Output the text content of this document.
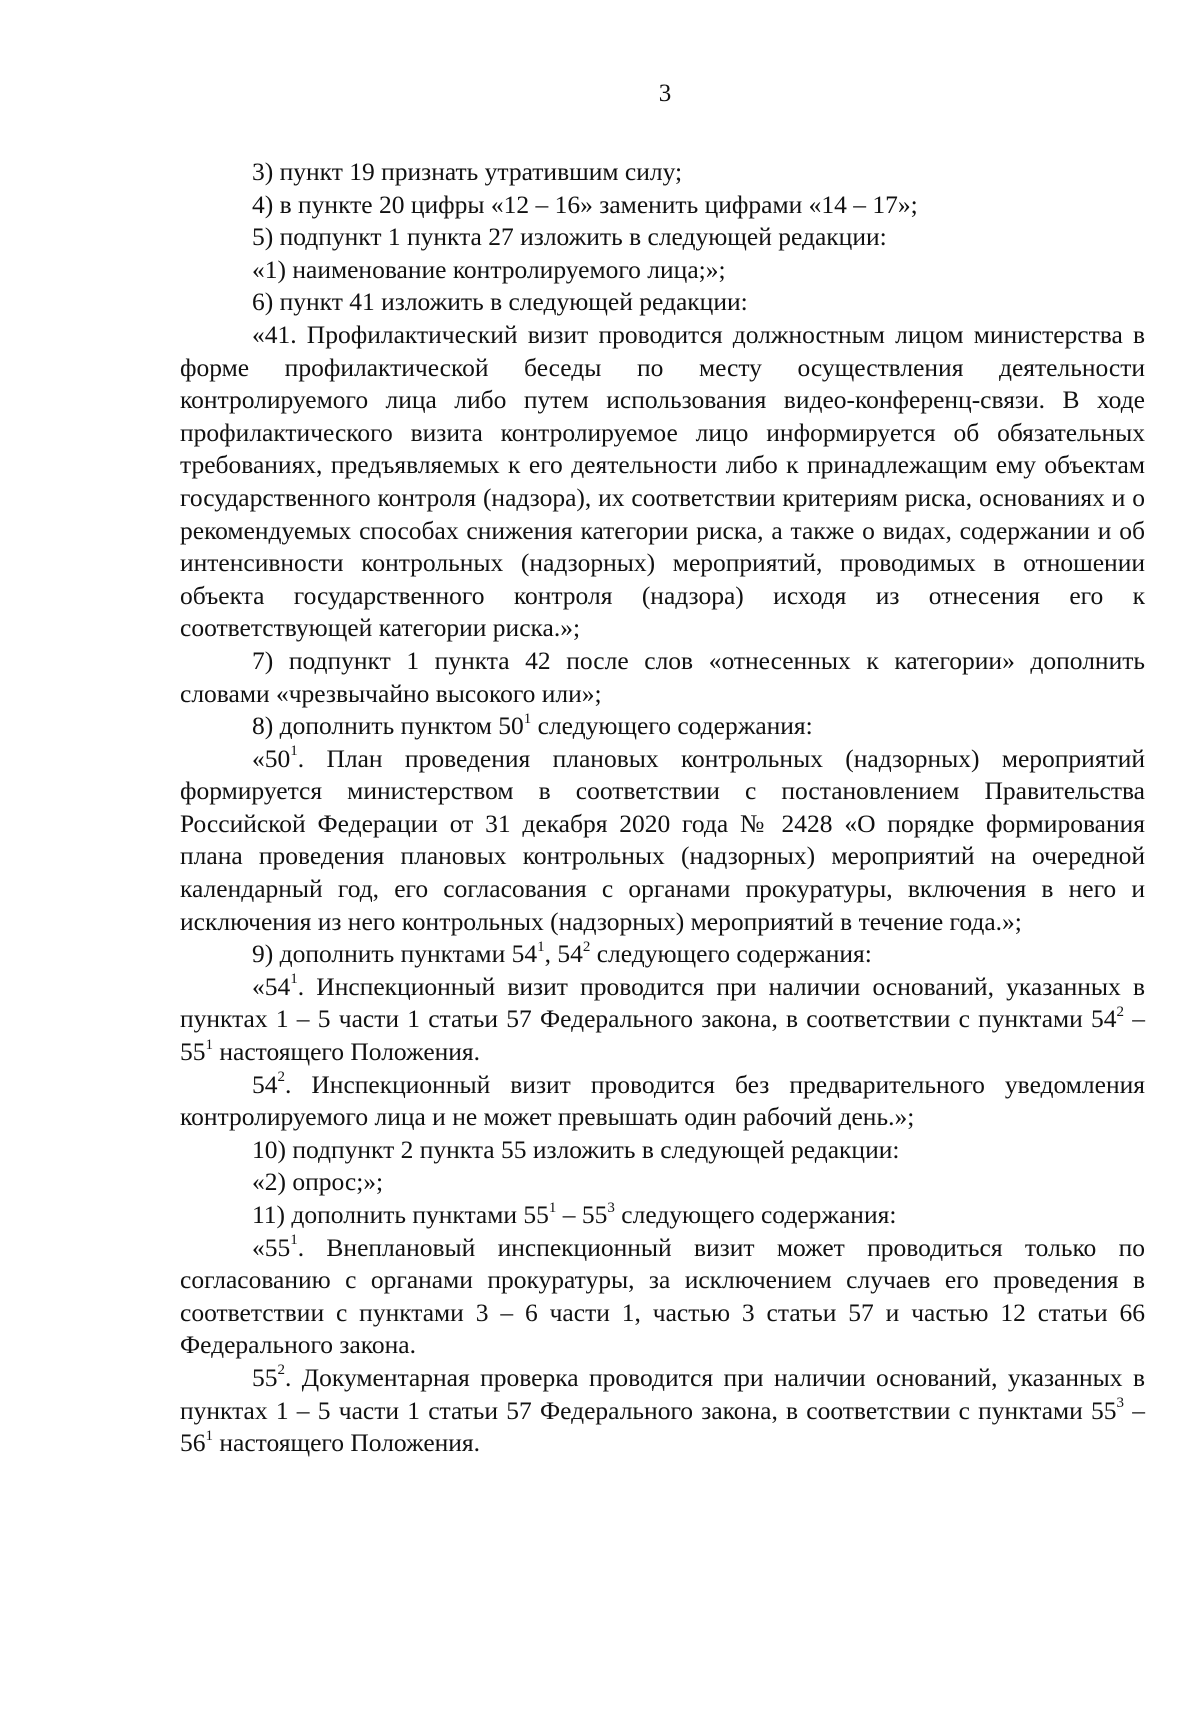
3

3) пункт 19 признать утратившим силу;

4) в пункте 20 цифры «12 – 16» заменить цифрами «14 – 17»;

5) подпункт 1 пункта 27 изложить в следующей редакции:

«1) наименование контролируемого лица;»;

6) пункт 41 изложить в следующей редакции:

«41. Профилактический визит проводится должностным лицом министерства в форме профилактической беседы по месту осуществления деятельности контролируемого лица либо путем использования видео-конференц-связи. В ходе профилактического визита контролируемое лицо информируется об обязательных требованиях, предъявляемых к его деятельности либо к принадлежащим ему объектам государственного контроля (надзора), их соответствии критериям риска, основаниях и о рекомендуемых способах снижения категории риска, а также о видах, содержании и об интенсивности контрольных (надзорных) мероприятий, проводимых в отношении объекта государственного контроля (надзора) исходя из отнесения его к соответствующей категории риска.»;

7) подпункт 1 пункта 42 после слов «отнесенных к категории» дополнить словами «чрезвычайно высокого или»;

8) дополнить пунктом $50^1$ следующего содержания:

«$50^1$. План проведения плановых контрольных (надзорных) мероприятий формируется министерством в соответствии с постановлением Правительства Российской Федерации от 31 декабря 2020 года № 2428 «О порядке формирования плана проведения плановых контрольных (надзорных) мероприятий на очередной календарный год, его согласования с органами прокуратуры, включения в него и исключения из него контрольных (надзорных) мероприятий в течение года.»;

9) дополнить пунктами $54^1$, $54^2$ следующего содержания:

«$54^1$. Инспекционный визит проводится при наличии оснований, указанных в пунктах 1 – 5 части 1 статьи 57 Федерального закона, в соответствии с пунктами $54^2 - 55^1$ настоящего Положения.

$54^2$. Инспекционный визит проводится без предварительного уведомления контролируемого лица и не может превышать один рабочий день.»;

10) подпункт 2 пункта 55 изложить в следующей редакции:

«2) опрос;»;

11) дополнить пунктами $55^1 - 55^3$ следующего содержания:

«$55^1$. Внеплановый инспекционный визит может проводиться только по согласованию с органами прокуратуры, за исключением случаев его проведения в соответствии с пунктами 3 – 6 части 1, частью 3 статьи 57 и частью 12 статьи 66 Федерального закона.

$55^2$. Документарная проверка проводится при наличии оснований, указанных в пунктах 1 – 5 части 1 статьи 57 Федерального закона, в соответствии с пунктами $55^3 - 56^1$ настоящего Положения.
